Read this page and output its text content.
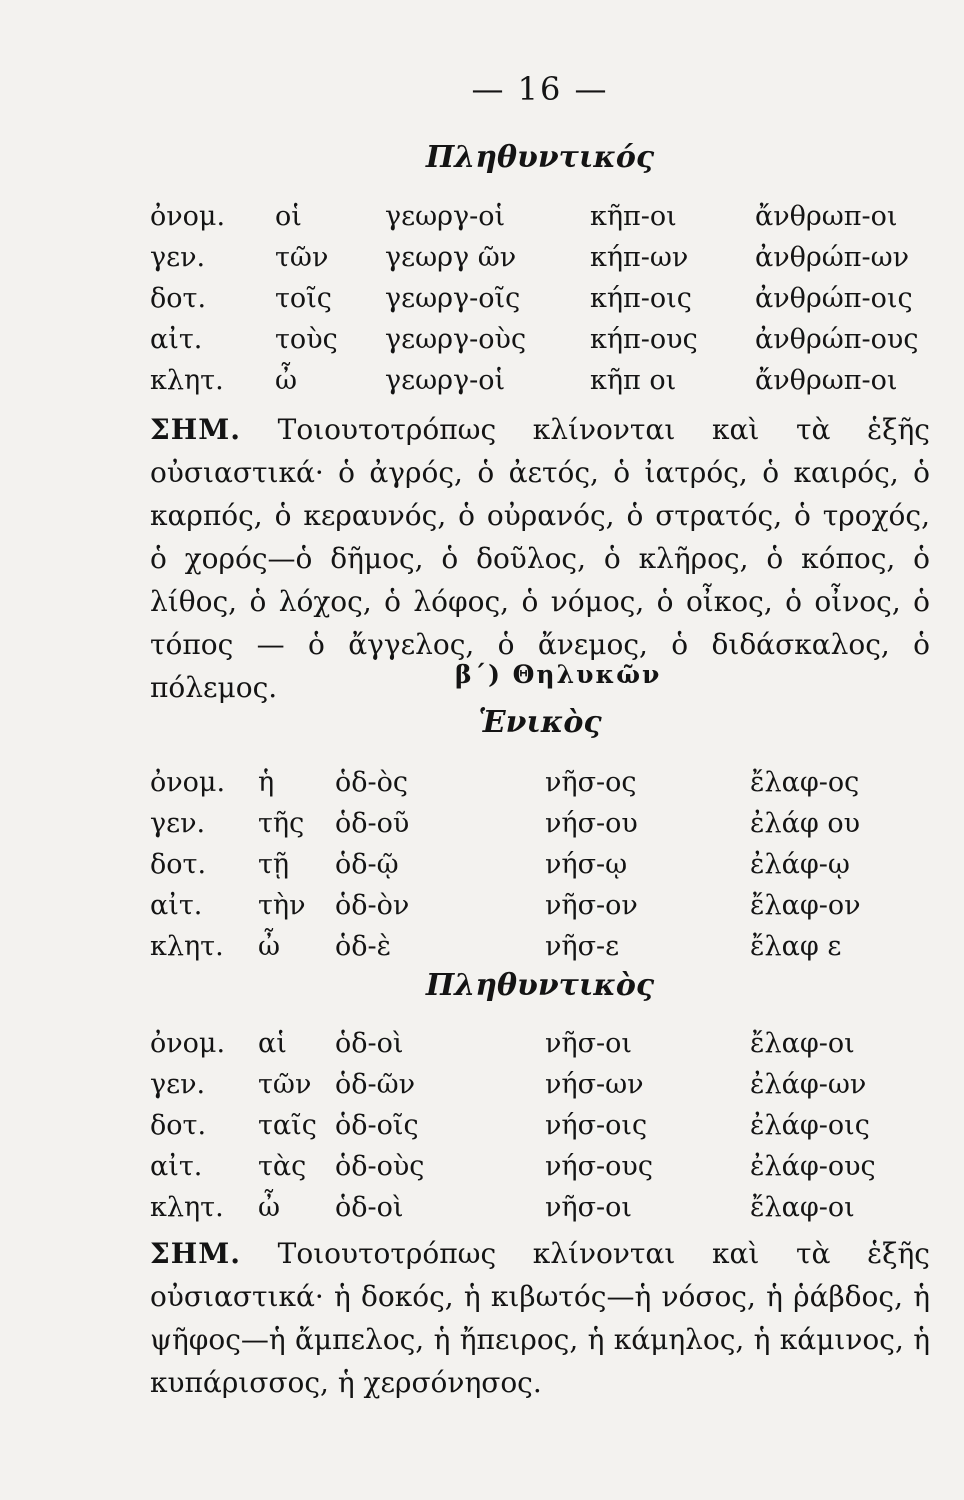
— 16 —
Πληθυντικός
ὀνομ. οἱ	γεωργ-οἱ	κῆπ-οι	ἄνθρωπ-οι
γεν.	τῶν γεωργ ῶν	κήπ-ων ἀνθρώπ-ων
δοτ.	τοῖς γεωργ-οῖς	κήπ-οις ἀνθρώπ-οις
αἰτ.	τοὺς γεωργ-οὺς κήπ-ους ἀνθρώπ-ους
κλητ. ὦ	γεωργ-οἱ	κῆπ οι	ἄνθρωπ-οι
ΣΗΜ. Τοιουτοτρόπως κλίνονται καὶ τὰ ἑξῆς οὐσιαστικά· ὁ ἀγρός, ὁ ἀετός, ὁ ἰατρός, ὁ καιρός, ὁ καρπός, ὁ κεραυνός, ὁ οὐρανός, ὁ στρατός, ὁ τροχός, ὁ χορός—ὁ δῆμος, ὁ δοῦλος, ὁ κλῆρος, ὁ κόπος, ὁ λίθος, ὁ λόχος, ὁ λόφος, ὁ νόμος, ὁ οἶκος, ὁ οἶνος, ὁ τόπος — ὁ ἄγγελος, ὁ ἄνεμος, ὁ διδάσκαλος, ὁ πόλεμος.	β΄) Θηλυκῶν
Ἑνικὸς
ὀνομ. ἡ ὁδ-ὸς	νῆσ-ος	ἔλαφ-ος
γεν. τῆς ὁδ-οῦ	νήσ-ου	ἐλάφ ου
δοτ. τῇ ὁδ-ῷ	νήσ-ῳ	ἐλάφ-ῳ
αἰτ. τὴν ὁδ-ὸν	νῆσ-ον	ἔλαφ-ον
κλητ. ὦ ὁδ-ὲ	νῆσ-ε	ἔλαφ ε
Πληθυντικὸς
ὀνομ. αἱ ὁδ-οὶ	νῆσ-οι	ἔλαφ-οι
γεν. τῶν ὁδ-ῶν	νήσ-ων	ἐλάφ-ων
δοτ. ταῖς ὁδ-οῖς	νήσ-οις	ἐλάφ-οις
αἰτ. τὰς ὁδ-οὺς	νήσ-ους	ἐλάφ-ους
κλητ. ὦ ὁδ-οὶ	νῆσ-οι	ἔλαφ-οι
ΣΗΜ. Τοιουτοτρόπως κλίνονται καὶ τὰ ἑξῆς οὐσιαστικά· ἡ δοκός, ἡ κιβωτός—ἡ νόσος, ἡ ῥάβδος, ἡ ψῆφος—ἡ ἄμπελος, ἡ ἤπειρος, ἡ κάμηλος, ἡ κάμινος, ἡ κυπάρισσος, ἡ χερσόνησος.
